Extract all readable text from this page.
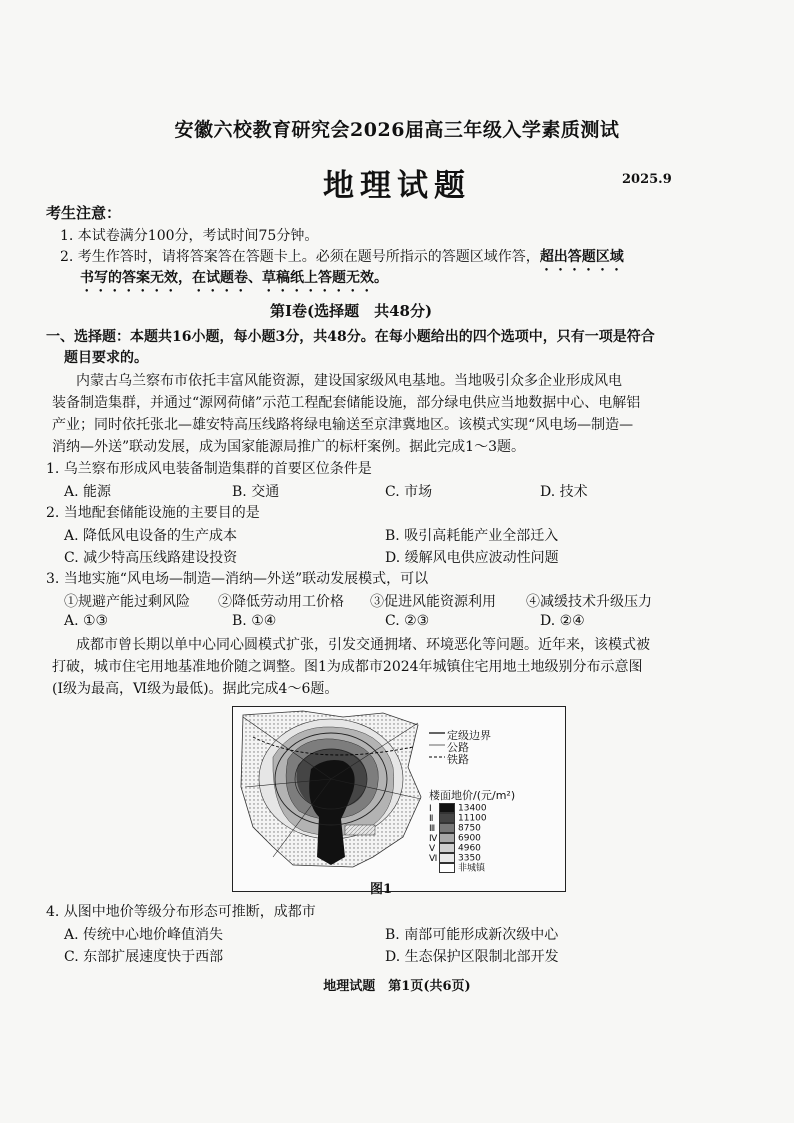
安徽六校教育研究会2026届高三年级入学素质测试
地理试题	2025.9
考生注意：
1. 本试卷满分100分，考试时间75分钟。
2. 考生作答时，请将答案答在答题卡上。必须在题号所指示的答题区域作答，超出答题区域
书写的答案无效，在试题卷、草稿纸上答题无效。
第Ⅰ卷(选择题　共48分)
一、选择题：本题共16小题，每小题3分，共48分。在每小题给出的四个选项中，只有一项是符合
题目要求的。
内蒙古乌兰察布市依托丰富风能资源，建设国家级风电基地。当地吸引众多企业形成风电
装备制造集群，并通过“源网荷储”示范工程配套储能设施，部分绿电供应当地数据中心、电解铝
产业；同时依托张北—雄安特高压线路将绿电输送至京津冀地区。该模式实现“风电场—制造—
消纳—外送”联动发展，成为国家能源局推广的标杆案例。据此完成1～3题。
1. 乌兰察布形成风电装备制造集群的首要区位条件是
A. 能源	B. 交通	C. 市场	D. 技术
2. 当地配套储能设施的主要目的是
A. 降低风电设备的生产成本	B. 吸引高耗能产业全部迁入
C. 减少特高压线路建设投资	D. 缓解风电供应波动性问题
3. 当地实施“风电场—制造—消纳—外送”联动发展模式，可以
①规避产能过剩风险 ②降低劳动用工价格 ③促进风能资源利用 ④减缓技术升级压力
A. ①③	B. ①④	C. ②③	D. ②④
成都市曾长期以单中心同心圆模式扩张，引发交通拥堵、环境恶化等问题。近年来，该模式被
打破，城市住宅用地基准地价随之调整。图1为成都市2024年城镇住宅用地土地级别分布示意图
(Ⅰ级为最高，Ⅵ级为最低)。据此完成4～6题。
定级边界
公路
铁路
楼面地价/(元/m²)
Ⅰ	13400
Ⅱ	11100
Ⅲ	8750
Ⅳ 6900
Ⅴ	4960
Ⅵ 3350
非城镇
图1
4. 从图中地价等级分布形态可推断，成都市
A. 传统中心地价峰值消失	B. 南部可能形成新次级中心
C. 东部扩展速度快于西部	D. 生态保护区限制北部开发
地理试题　第1页(共6页)
